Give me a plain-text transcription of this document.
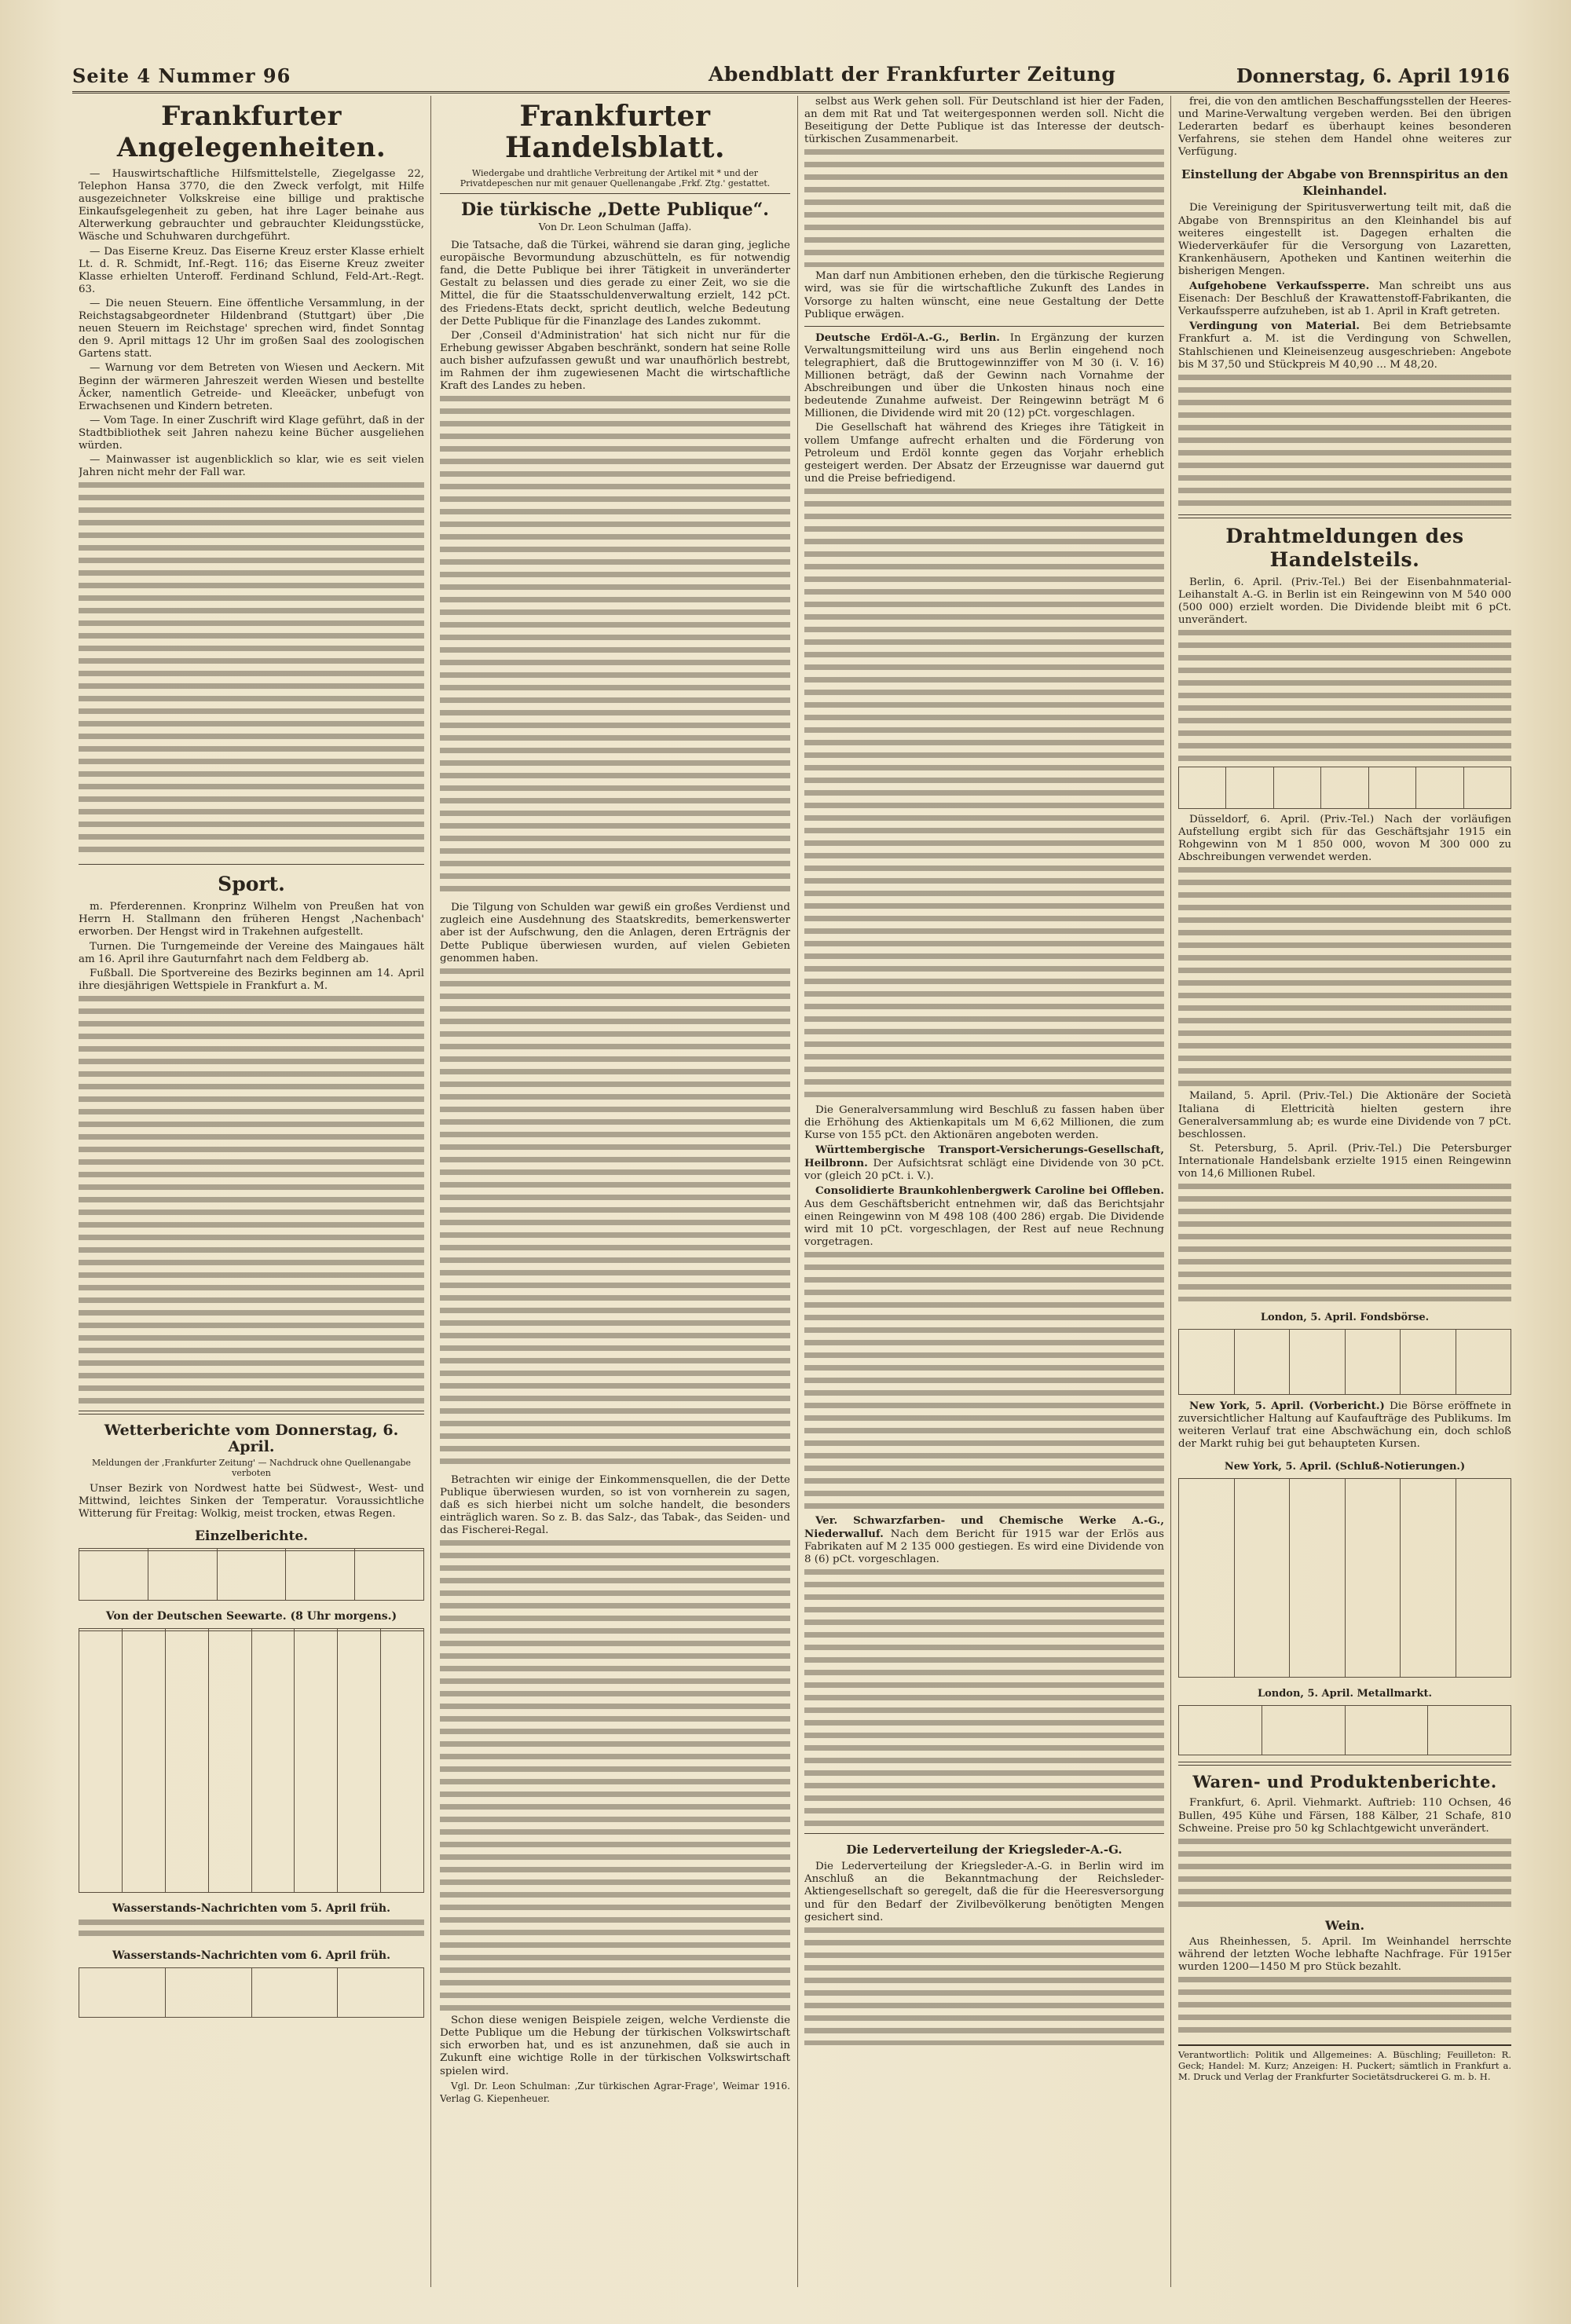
Seite 4 Nummer 96	Abendblatt der Frankfurter Zeitung	Donnerstag, 6. April 1916
Frankfurter Angelegenheiten.

— Hauswirtschaftliche Hilfsmittelstelle, Ziegelgasse 22, Telephon Hansa 3770, die den Zweck verfolgt, mit Hilfe ausgezeichneter Volkskreise eine billige und praktische Einkaufsgelegenheit zu geben, hat ihre Lager beinahe aus Alterwerkung gebrauchter und gebrauchter Kleidungsstücke, Wäsche und Schuhwaren durchgeführt.

— Das Eiserne Kreuz. Das Eiserne Kreuz erster Klasse erhielt Lt. d. R. Schmidt, Inf.-Regt. 116; das Eiserne Kreuz zweiter Klasse erhielten Unteroff. Ferdinand Schlund, Feld-Art.-Regt. 63.

— Die neuen Steuern. Eine öffentliche Versammlung, in der Reichstagsabgeordneter Hildenbrand (Stuttgart) über ‚Die neuen Steuern im Reichstage' sprechen wird, findet Sonntag den 9. April mittags 12 Uhr im großen Saal des zoologischen Gartens statt.

— Warnung vor dem Betreten von Wiesen und Aeckern. Mit Beginn der wärmeren Jahreszeit werden Wiesen und bestellte Äcker, namentlich Getreide- und Kleeäcker, unbefugt von Erwachsenen und Kindern betreten.

— Vom Tage. In einer Zuschrift wird Klage geführt, daß in der Stadtbibliothek seit Jahren nahezu keine Bücher ausgeliehen würden.

— Mainwasser ist augenblicklich so klar, wie es seit vielen Jahren nicht mehr der Fall war.

Sport.

m. Pferderennen. Kronprinz Wilhelm von Preußen hat von Herrn H. Stallmann den früheren Hengst ‚Nachenbach' erworben. Der Hengst wird in Trakehnen aufgestellt.

Turnen. Die Turngemeinde der Vereine des Maingaues hält am 16. April ihre Gauturnfahrt nach dem Feldberg ab.

Fußball. Die Sportvereine des Bezirks beginnen am 14. April ihre diesjährigen Wettspiele in Frankfurt a. M.

Wetterberichte vom Donnerstag, 6. April.
Meldungen der ‚Frankfurter Zeitung' — Nachdruck ohne Quellenangabe verboten

Unser Bezirk von Nordwest hatte bei Südwest-, West- und Mittwind, leichtes Sinken der Temperatur. Voraussichtliche Witterung für Freitag: Wolkig, meist trocken, etwas Regen.

Einzelberichte.

Von der Deutschen Seewarte. (8 Uhr morgens.)

Wasserstands-Nachrichten vom 5. April früh.
Wasserstands-Nachrichten vom 6. April früh.

Frankfurter Handelsblatt.
Wiedergabe und drahtliche Verbreitung der Artikel mit * und der Privatdepeschen nur mit genauer Quellenangabe ‚Frkf. Ztg.' gestattet.
Die türkische „Dette Publique“.
Von Dr. Leon Schulman (Jaffa).

Die Tatsache, daß die Türkei, während sie daran ging, jegliche europäische Bevormundung abzuschütteln, es für notwendig fand, die Dette Publique bei ihrer Tätigkeit in unveränderter Gestalt zu belassen und dies gerade zu einer Zeit, wo sie die Mittel, die für die Staatsschuldenverwaltung erzielt, 142 pCt. des Friedens-Etats deckt, spricht deutlich, welche Bedeutung der Dette Publique für die Finanzlage des Landes zukommt.

Der ‚Conseil d'Administration' hat sich nicht nur für die Erhebung gewisser Abgaben beschränkt, sondern hat seine Rolle auch bisher aufzufassen gewußt und war unaufhörlich bestrebt, im Rahmen der ihm zugewiesenen Macht die wirtschaftliche Kraft des Landes zu heben.

Die Tilgung von Schulden war gewiß ein großes Verdienst und zugleich eine Ausdehnung des Staatskredits, bemerkenswerter aber ist der Aufschwung, den die Anlagen, deren Erträgnis der Dette Publique überwiesen wurden, auf vielen Gebieten genommen haben.

Betrachten wir einige der Einkommensquellen, die der Dette Publique überwiesen wurden, so ist von vornherein zu sagen, daß es sich hierbei nicht um solche handelt, die besonders einträglich waren. So z. B. das Salz-, das Tabak-, das Seiden- und das Fischerei-Regal.

Schon diese wenigen Beispiele zeigen, welche Verdienste die Dette Publique um die Hebung der türkischen Volkswirtschaft sich erworben hat, und es ist anzunehmen, daß sie auch in Zukunft eine wichtige Rolle in der türkischen Volkswirtschaft spielen wird.

Vgl. Dr. Leon Schulman: ‚Zur türkischen Agrar-Frage', Weimar 1916. Verlag G. Kiepenheuer.

selbst aus Werk gehen soll. Für Deutschland ist hier der Faden, an dem mit Rat und Tat weitergesponnen werden soll. Nicht die Beseitigung der Dette Publique ist das Interesse der deutsch-türkischen Zusammenarbeit.

Man darf nun Ambitionen erheben, den die türkische Regierung wird, was sie für die wirtschaftliche Zukunft des Landes in Vorsorge zu halten wünscht, eine neue Gestaltung der Dette Publique erwägen.

Deutsche Erdöl-A.-G., Berlin. In Ergänzung der kurzen Verwaltungsmitteilung wird uns aus Berlin eingehend noch telegraphiert, daß die Bruttogewinnziffer von M 30 (i. V. 16) Millionen beträgt, daß der Gewinn nach Vornahme der Abschreibungen und über die Unkosten hinaus noch eine bedeutende Zunahme aufweist. Der Reingewinn beträgt M 6 Millionen, die Dividende wird mit 20 (12) pCt. vorgeschlagen.

Die Gesellschaft hat während des Krieges ihre Tätigkeit in vollem Umfange aufrecht erhalten und die Förderung von Petroleum und Erdöl konnte gegen das Vorjahr erheblich gesteigert werden. Der Absatz der Erzeugnisse war dauernd gut und die Preise befriedigend.

Die Generalversammlung wird Beschluß zu fassen haben über die Erhöhung des Aktienkapitals um M 6,62 Millionen, die zum Kurse von 155 pCt. den Aktionären angeboten werden.

Württembergische Transport-Versicherungs-Gesellschaft, Heilbronn. Der Aufsichtsrat schlägt eine Dividende von 30 pCt. vor (gleich 20 pCt. i. V.).

Consolidierte Braunkohlenbergwerk Caroline bei Offleben. Aus dem Geschäftsbericht entnehmen wir, daß das Berichtsjahr einen Reingewinn von M 498 108 (400 286) ergab. Die Dividende wird mit 10 pCt. vorgeschlagen, der Rest auf neue Rechnung vorgetragen.

Ver. Schwarzfarben- und Chemische Werke A.-G., Niederwalluf. Nach dem Bericht für 1915 war der Erlös aus Fabrikaten auf M 2 135 000 gestiegen. Es wird eine Dividende von 8 (6) pCt. vorgeschlagen.

Die Lederverteilung der Kriegsleder-A.-G.

Die Lederverteilung der Kriegsleder-A.-G. in Berlin wird im Anschluß an die Bekanntmachung der Reichsleder-Aktiengesellschaft so geregelt, daß die für die Heeresversorgung und für den Bedarf der Zivilbevölkerung benötigten Mengen gesichert sind.

frei, die von den amtlichen Beschaffungsstellen der Heeres- und Marine-Verwaltung vergeben werden. Bei den übrigen Lederarten bedarf es überhaupt keines besonderen Verfahrens, sie stehen dem Handel ohne weiteres zur Verfügung.

Einstellung der Abgabe von Brennspiritus an den Kleinhandel.

Die Vereinigung der Spiritusverwertung teilt mit, daß die Abgabe von Brennspiritus an den Kleinhandel bis auf weiteres eingestellt ist. Dagegen erhalten die Wiederverkäufer für die Versorgung von Lazaretten, Krankenhäusern, Apotheken und Kantinen weiterhin die bisherigen Mengen.

Aufgehobene Verkaufssperre. Man schreibt uns aus Eisenach: Der Beschluß der Krawattenstoff-Fabrikanten, die Verkaufssperre aufzuheben, ist ab 1. April in Kraft getreten.

Verdingung von Material. Bei dem Betriebsamte Frankfurt a. M. ist die Verdingung von Schwellen, Stahlschienen und Kleineisenzeug ausgeschrieben: Angebote bis M 37,50 und Stückpreis M 40,90 ... M 48,20.

Drahtmeldungen des Handelsteils.

Berlin, 6. April. (Priv.-Tel.) Bei der Eisenbahnmaterial-Leihanstalt A.-G. in Berlin ist ein Reingewinn von M 540 000 (500 000) erzielt worden. Die Dividende bleibt mit 6 pCt. unverändert.

Düsseldorf, 6. April. (Priv.-Tel.) Nach der vorläufigen Aufstellung ergibt sich für das Geschäftsjahr 1915 ein Rohgewinn von M 1 850 000, wovon M 300 000 zu Abschreibungen verwendet werden.

Mailand, 5. April. (Priv.-Tel.) Die Aktionäre der Società Italiana di Elettricità hielten gestern ihre Generalversammlung ab; es wurde eine Dividende von 7 pCt. beschlossen.

St. Petersburg, 5. April. (Priv.-Tel.) Die Petersburger Internationale Handelsbank erzielte 1915 einen Reingewinn von 14,6 Millionen Rubel.

London, 5. April. Fondsbörse.

New York, 5. April. (Vorbericht.) Die Börse eröffnete in zuversichtlicher Haltung auf Kaufaufträge des Publikums. Im weiteren Verlauf trat eine Abschwächung ein, doch schloß der Markt ruhig bei gut behaupteten Kursen.

New York, 5. April. (Schluß-Notierungen.)

London, 5. April. Metallmarkt.

Waren- und Produktenberichte.

Frankfurt, 6. April. Viehmarkt. Auftrieb: 110 Ochsen, 46 Bullen, 495 Kühe und Färsen, 188 Kälber, 21 Schafe, 810 Schweine. Preise pro 50 kg Schlachtgewicht unverändert.

Wein.

Aus Rheinhessen, 5. April. Im Weinhandel herrschte während der letzten Woche lebhafte Nachfrage. Für 1915er wurden 1200—1450 M pro Stück bezahlt.

Verantwortlich: Politik und Allgemeines: A. Büschling; Feuilleton: R. Geck; Handel: M. Kurz; Anzeigen: H. Puckert; sämtlich in Frankfurt a. M. Druck und Verlag der Frankfurter Societätsdruckerei G. m. b. H.
